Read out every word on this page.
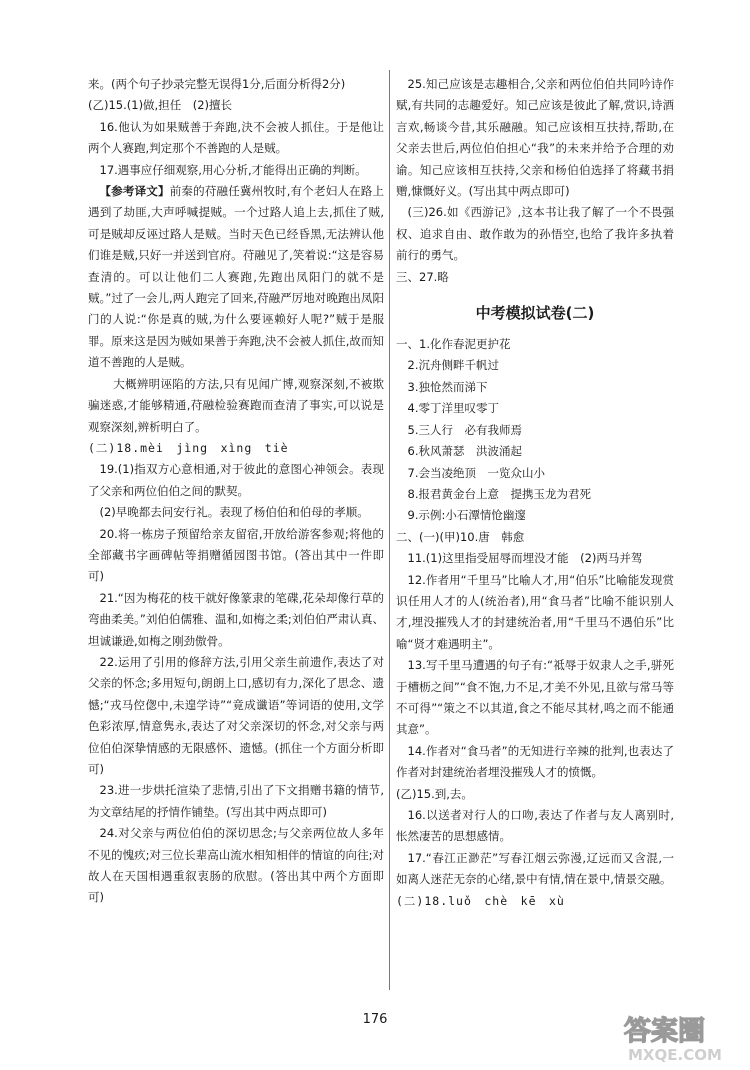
来。(两个句子抄录完整无误得1分,后面分析得2分)

(乙)15.(1)做,担任　(2)擅长

16.他认为如果贼善于奔跑,決不会被人抓住。于是他让两个人赛跑,判定那个不善跑的人是贼。

17.遇事应仔细观察,用心分析,才能得出正确的判断。

【参考译文】前秦的苻融任冀州牧时,有个老妇人在路上遇到了劫匪,大声呼喊提贼。一个过路人追上去,抓住了贼,可是贼却反诬过路人是贼。当时天色已经昏黑,无法辨认他们谁是贼,只好一并送到官府。苻融见了,笑着说:“这是容易查清的。可以让他们二人赛跑,先跑出凤阳门的就不是贼。”过了一会儿,两人跑完了回来,苻融严厉地对晚跑出凤阳门的人说:“你是真的贼,为什么要诬赖好人呢?”贼于是服罪。原来这是因为贼如果善于奔跑,決不会被人抓住,故而知道不善跑的人是贼。

大概辨明诬陷的方法,只有见闻广博,观察深刻,不被欺骗迷惑,才能够精通,苻融检验赛跑而查清了事实,可以说是观察深刻,辨析明白了。

(二)18.mèi　jìng　xìng　tiè

19.(1)指双方心意相通,对于彼此的意图心神领会。表现了父亲和两位伯伯之间的默契。

(2)早晚都去问安行礼。表现了杨伯伯和伯母的孝顺。

20.将一栋房子预留给亲友留宿,开放给游客参观;将他的全部藏书字画碑帖等捐赠循园图书馆。(答出其中一件即可)

21.“因为梅花的枝干就好像篆隶的笔碟,花朵却像行草的弯曲柔美。”刘伯伯儒雅、温和,如梅之柔;刘伯伯严肃认真、坦诚谦逊,如梅之刚劲傲骨。

22.运用了引用的修辞方法,引用父亲生前遗作,表达了对父亲的怀念;多用短句,朗朗上口,感切有力,深化了思念、遗憾;“戎马倥偬中,未遑学诗”“竟成谶语”等词语的使用,文学色彩浓厚,情意隽永,表达了对父亲深切的怀念,对父亲与两位伯伯深挚情感的无限感怀、遗憾。(抓住一个方面分析即可)

23.进一步烘托渲染了悲情,引出了下文捐赠书籍的情节,为文章结尾的抒情作铺垫。(写出其中两点即可)

24.对父亲与两位伯伯的深切思念;与父亲两位故人多年不见的愧疚;对三位长辈高山流水相知相伴的情谊的向往;对故人在天国相遇重叙衷肠的欣慰。(答出其中两个方面即可)

25.知己应该是志趣相合,父亲和两位伯伯共同吟诗作赋,有共同的志趣爱好。知己应该是彼此了解,赏识,诗酒言欢,畅谈今昔,其乐融融。知己应该相互扶持,帮助,在父亲去世后,两位伯伯担心“我”的未来并给予合理的劝谕。知己应该相互扶持,父亲和杨伯伯选择了将藏书捐赠,慷慨好义。(写出其中两点即可)

(三)26.如《西游记》,这本书让我了解了一个不畏强权、追求自由、敢作敢为的孙悟空,也给了我许多执着前行的勇气。

三、27.略

中考模拟试卷(二)

一、1.化作春泥更护花

2.沉舟侧畔千帆过

3.独怆然而涕下

4.零丁洋里叹零丁

5.三人行　必有我师焉

6.秋风萧瑟　洪波涌起

7.会当凌绝顶　一览众山小

8.报君黄金台上意　提携玉龙为君死

9.示例:小石潭情怆幽邃

二、(一)(甲)10.唐　韩愈

11.(1)这里指受屈辱而埋没才能　(2)两马并驾

12.作者用“千里马”比喻人才,用“伯乐”比喻能发现赏识任用人才的人(统治者),用“食马者”比喻不能识别人才,埋没摧残人才的封建统治者,用“千里马不遇伯乐”比喻“贤才难遇明主”。

13.写千里马遭遇的句子有:“祗辱于奴隶人之手,骈死于槽枥之间”“食不饱,力不足,才美不外见,且欲与常马等不可得”“策之不以其道,食之不能尽其材,鸣之而不能通其意”。

14.作者对“食马者”的无知进行辛辣的批判,也表达了作者对封建统治者埋没摧残人才的愤慨。

(乙)15.到,去。

16.以送者对行人的口吻,表达了作者与友人离别时,怅然凄苦的思想感情。

17.“春江正渺茫”写春江烟云弥漫,辽远而又含混,一如离人迷茫无奈的心绪,景中有情,情在景中,情景交融。

(二)18.luǒ　chè　kē　xù

176	答案圈
MXQE.COM
